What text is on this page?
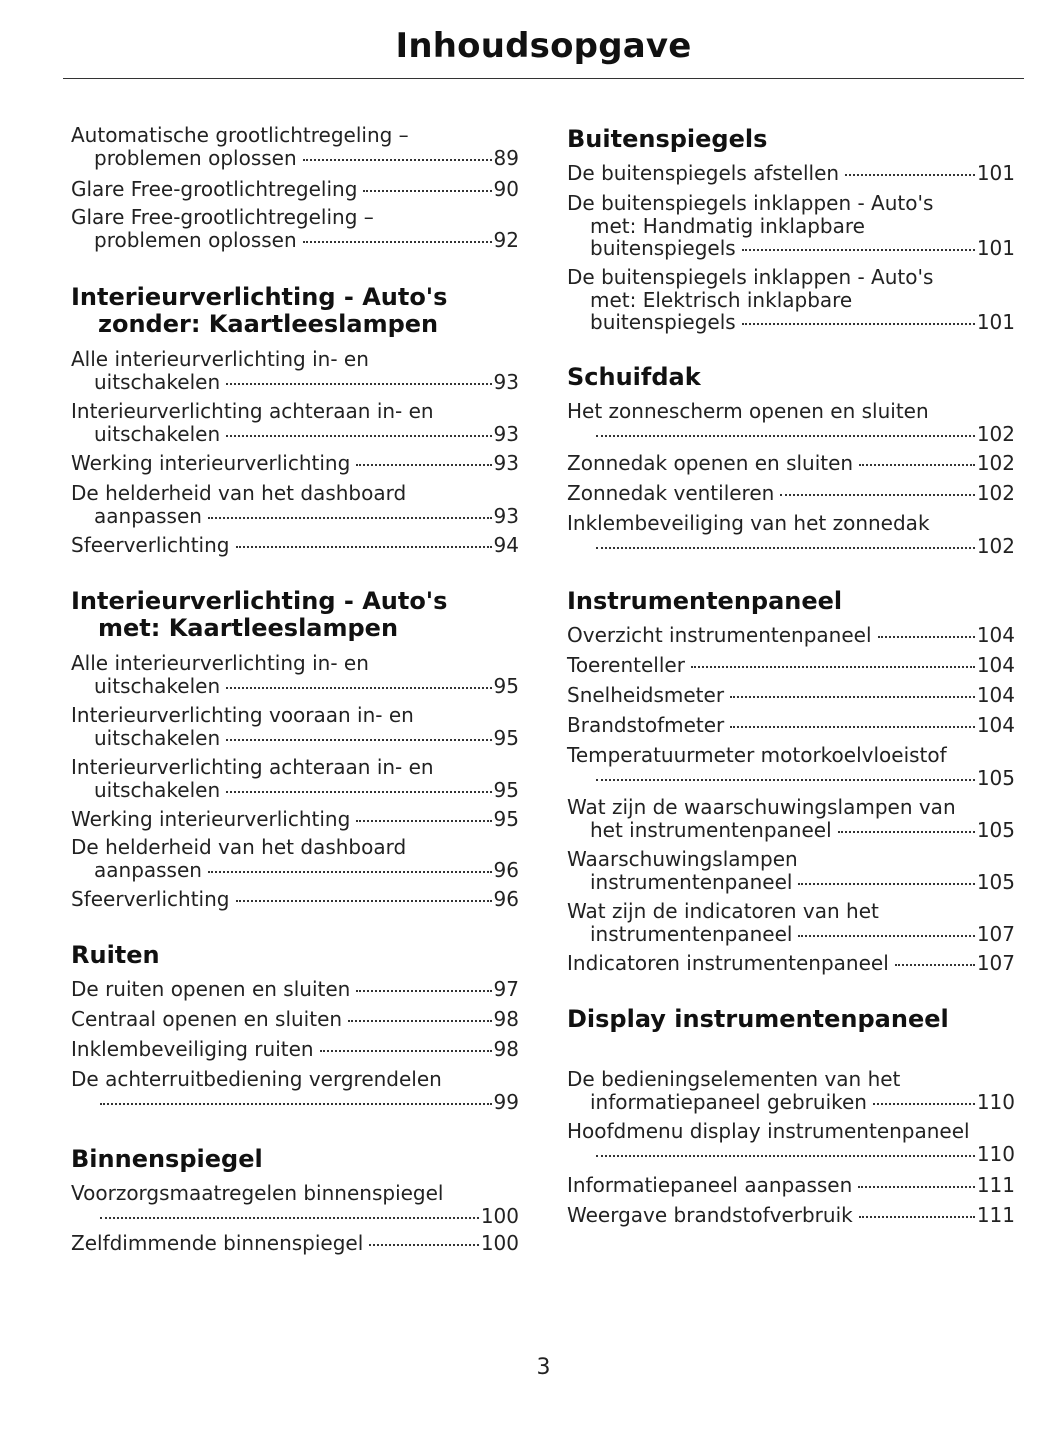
Inhoudsopgave
Automatische grootlichtregeling –
problemen oplossen	89
Glare Free-grootlichtregeling	90
Glare Free-grootlichtregeling –
problemen oplossen	92
Interieurverlichting - Auto's zonder: Kaartleeslampen
Alle interieurverlichting in- en
uitschakelen	93
Interieurverlichting achteraan in- en
uitschakelen	93
Werking interieurverlichting	93
De helderheid van het dashboard
aanpassen	93
Sfeerverlichting	94
Interieurverlichting - Auto's met: Kaartleeslampen
Alle interieurverlichting in- en
uitschakelen	95
Interieurverlichting vooraan in- en
uitschakelen	95
Interieurverlichting achteraan in- en
uitschakelen	95
Werking interieurverlichting	95
De helderheid van het dashboard
aanpassen	96
Sfeerverlichting	96
Ruiten
De ruiten openen en sluiten	97
Centraal openen en sluiten	98
Inklembeveiliging ruiten	98
De achterruitbediening vergrendelen
99
Binnenspiegel
Voorzorgsmaatregelen binnenspiegel
100
Zelfdimmende binnenspiegel	100
Buitenspiegels
De buitenspiegels afstellen	101
De buitenspiegels inklappen - Auto's
met: Handmatig inklapbare
buitenspiegels	101
De buitenspiegels inklappen - Auto's
met: Elektrisch inklapbare
buitenspiegels	101
Schuifdak
Het zonnescherm openen en sluiten
102
Zonnedak openen en sluiten	102
Zonnedak ventileren	102
Inklembeveiliging van het zonnedak
102
Instrumentenpaneel
Overzicht instrumentenpaneel	104
Toerenteller	104
Snelheidsmeter	104
Brandstofmeter	104
Temperatuurmeter motorkoelvloeistof
105
Wat zijn de waarschuwingslampen van
het instrumentenpaneel	105
Waarschuwingslampen
instrumentenpaneel	105
Wat zijn de indicatoren van het
instrumentenpaneel	107
Indicatoren instrumentenpaneel	107
Display instrumentenpaneel
De bedieningselementen van het
informatiepaneel gebruiken	110
Hoofdmenu display instrumentenpaneel
110
Informatiepaneel aanpassen	111
Weergave brandstofverbruik	111
3
